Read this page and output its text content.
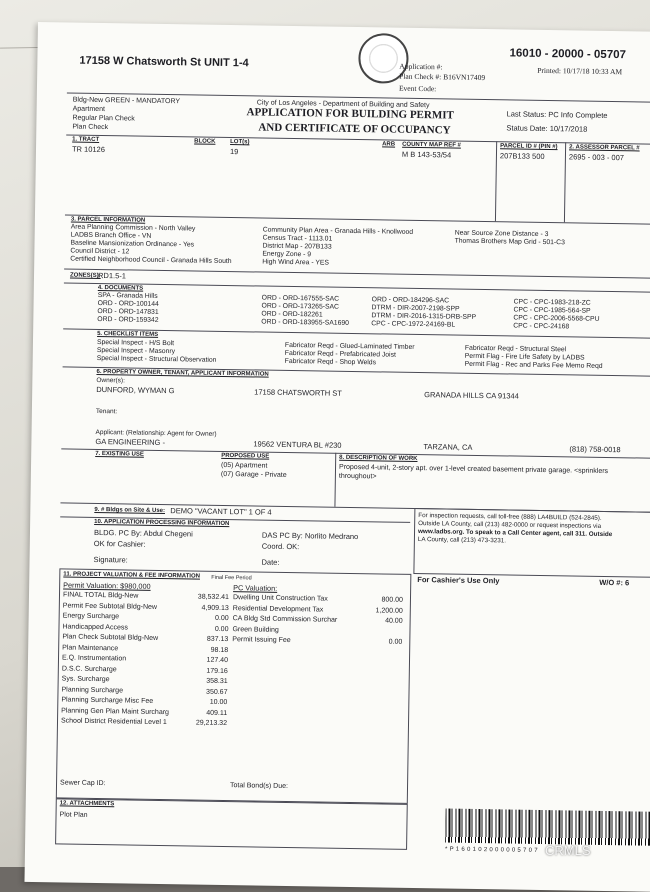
17158 W Chatsworth St UNIT 1-4	Application #:
16010 - 20000 - 05707
Plan Check #: B16VN17409
Printed: 10/17/18 10:33 AM
Event Code:
Bldg-New GREEN - MANDATORY
Apartment
Regular Plan Check
Plan Check
City of Los Angeles - Department of Building and Safety
APPLICATION FOR BUILDING PERMIT
AND CERTIFICATE OF OCCUPANCY
Last Status: PC Info Complete
Status Date: 10/17/2018
1. TRACT	BLOCK LOT(s)	ARB COUNTY MAP REF #	PARCEL ID # (PIN #) 2. ASSESSOR PARCEL #
TR 10126	19	M B 143-53/54	207B133 500	2695 - 003 - 007
3. PARCEL INFORMATION
Area Planning Commission - North Valley
LADBS Branch Office - VN
Baseline Mansionization Ordinance - Yes
Council District - 12
Certified Neighborhood Council - Granada Hills South
Community Plan Area - Granada Hills - Knollwood
Census Tract - 1113.01
District Map - 207B133
Energy Zone - 9
High Wind Area - YES
Near Source Zone Distance - 3
Thomas Brothers Map Grid - 501-C3
ZONES(S):
RD1.5-1
4. DOCUMENTS
SPA - Granada Hills
ORD - ORD-100144
ORD - ORD-147831
ORD - ORD-159342
ORD - ORD-167555-SAC
ORD - ORD-173265-SAC
ORD - ORD-182261
ORD - ORD-183955-SA1690
ORD - ORD-184296-SAC
DTRM - DIR-2007-2198-SPP
DTRM - DIR-2016-1315-DRB-SPP
CPC - CPC-1972-24169-BL
CPC - CPC-1983-218-ZC
CPC - CPC-1985-564-SP
CPC - CPC-2006-5568-CPU
CPC - CPC-24168
5. CHECKLIST ITEMS
Special Inspect - H/S Bolt
Special Inspect - Masonry
Special Inspect - Structural Observation
Fabricator Reqd - Glued-Laminated Timber
Fabricator Reqd - Prefabricated Joist
Fabricator Reqd - Shop Welds
Fabricator Reqd - Structural Steel
Permit Flag - Fire Life Safety by LADBS
Permit Flag - Rec and Parks Fee Memo Reqd
6. PROPERTY OWNER, TENANT, APPLICANT INFORMATION
Owner(s):
DUNFORD, WYMAN G	17158 CHATSWORTH ST	GRANADA HILLS CA 91344
Tenant:
Applicant: (Relationship: Agent for Owner)
GA ENGINEERING -	19562 VENTURA BL #230	TARZANA, CA	(818) 758-0018
7. EXISTING USE	PROPOSED USE
(05) Apartment
(07) Garage - Private
8. DESCRIPTION OF WORK
Proposed 4-unit, 2-story apt. over 1-level created basement private garage. <sprinklers
throughout>
9. # Bldgs on Site & Use: DEMO "VACANT LOT" 1 OF 4
10. APPLICATION PROCESSING INFORMATION
BLDG. PC By: Abdul Chegeni	DAS PC By: Norlito Medrano
OK for Cashier:	Coord. OK:
Signature:	Date:
For inspection requests, call toll-free (888) LA4BUILD (524-2845).
Outside LA County, call (213) 482-0000 or request inspections via
www.ladbs.org. To speak to a Call Center agent, call 311. Outside
LA County, call (213) 473-3231.
For Cashier's Use Only	W/O #: 6
11. PROJECT VALUATION & FEE INFORMATION Final Fee Period
Permit Valuation: $980,000	PC Valuation:
FINAL TOTAL Bldg-New	38,532.41
Permit Fee Subtotal Bldg-New	4,909.13
Energy Surcharge	0.00
Handicapped Access	0.00
Plan Check Subtotal Bldg-New	837.13
Plan Maintenance	98.18
E.Q. Instrumentation	127.40
D.S.C. Surcharge	179.16
Sys. Surcharge	358.31
Planning Surcharge	350.67
Planning Surcharge Misc Fee	10.00
Planning Gen Plan Maint Surcharg	409.11
School District Residential Level 1	29,213.32
Dwelling Unit Construction Tax	800.00
Residential Development Tax	1,200.00
CA Bldg Std Commission Surchar	40.00
Green Building
Permit Issuing Fee	0.00
Sewer Cap ID:	Total Bond(s) Due:
12. ATTACHMENTS
Plot Plan
* P 1 6 0 1 0 2 0 0 0 0 0 5 7 0 7 CRMLS
